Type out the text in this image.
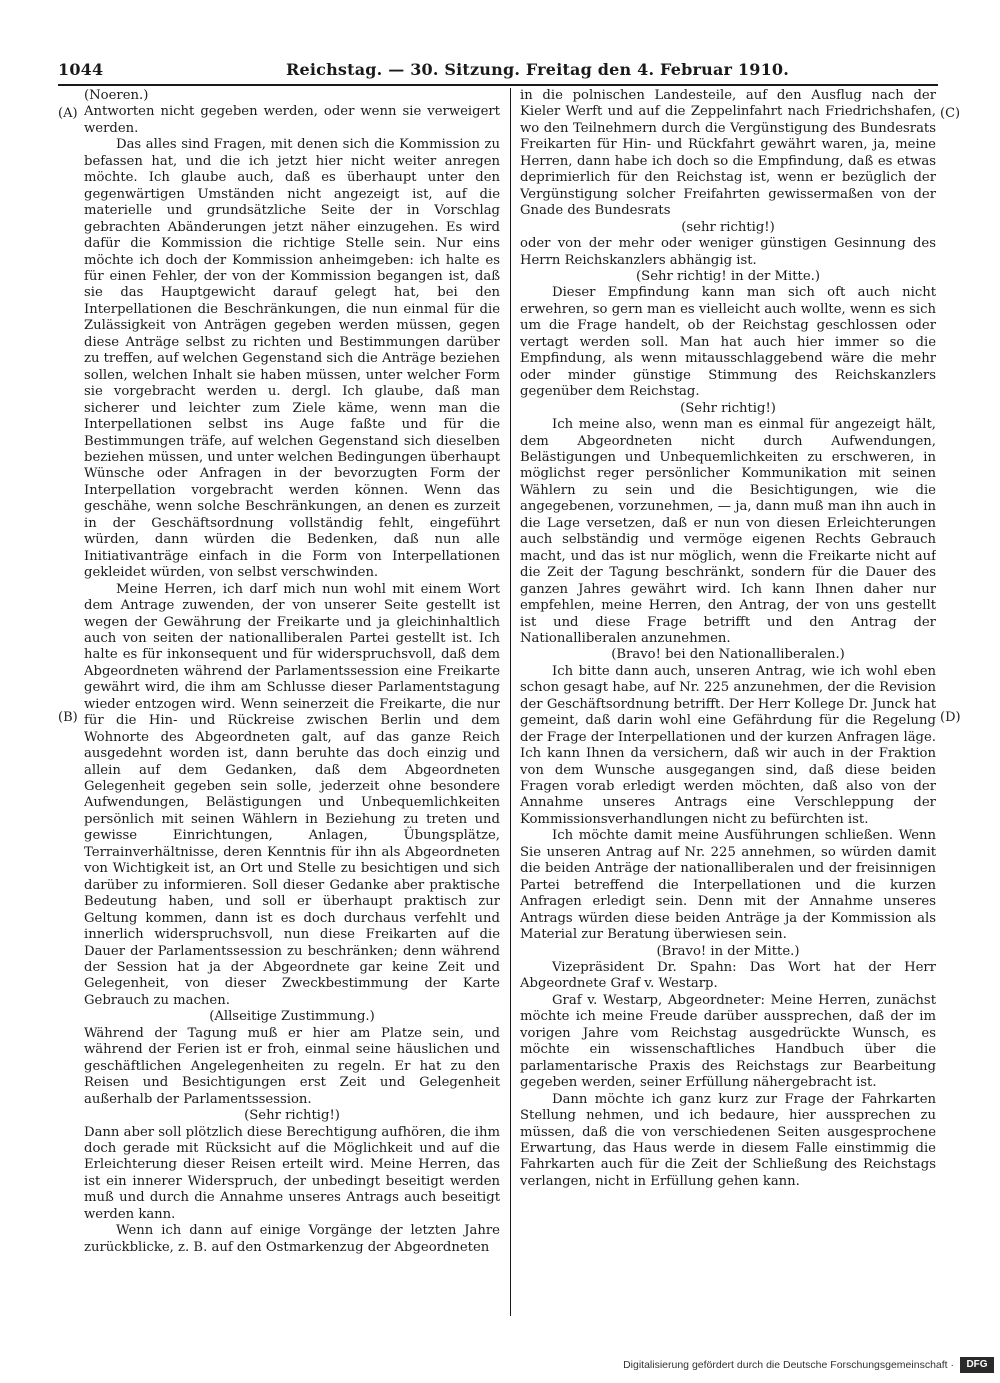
1044	Reichstag. — 30. Sitzung. Freitag den 4. Februar 1910.
(A)
(B)
(C)
(D)

(Noeren.)

Antworten nicht gegeben werden, oder wenn sie verweigert werden.

Das alles sind Fragen, mit denen sich die Kommission zu befassen hat, und die ich jetzt hier nicht weiter anregen möchte. Ich glaube auch, daß es überhaupt unter den gegenwärtigen Umständen nicht angezeigt ist, auf die materielle und grundsätzliche Seite der in Vorschlag gebrachten Abänderungen jetzt näher einzugehen. Es wird dafür die Kommission die richtige Stelle sein. Nur eins möchte ich doch der Kommission anheimgeben: ich halte es für einen Fehler, der von der Kommission begangen ist, daß sie das Hauptgewicht darauf gelegt hat, bei den Interpellationen die Beschränkungen, die nun einmal für die Zulässigkeit von Anträgen gegeben werden müssen, gegen diese Anträge selbst zu richten und Bestimmungen darüber zu treffen, auf welchen Gegenstand sich die Anträge beziehen sollen, welchen Inhalt sie haben müssen, unter welcher Form sie vorgebracht werden u. dergl. Ich glaube, daß man sicherer und leichter zum Ziele käme, wenn man die Interpellationen selbst ins Auge faßte und für die Bestimmungen träfe, auf welchen Gegenstand sich dieselben beziehen müssen, und unter welchen Bedingungen überhaupt Wünsche oder Anfragen in der bevorzugten Form der Interpellation vorgebracht werden können. Wenn das geschähe, wenn solche Beschränkungen, an denen es zurzeit in der Geschäftsordnung vollständig fehlt, eingeführt würden, dann würden die Bedenken, daß nun alle Initiativanträge einfach in die Form von Interpellationen gekleidet würden, von selbst verschwinden.

Meine Herren, ich darf mich nun wohl mit einem Wort dem Antrage zuwenden, der von unserer Seite gestellt ist wegen der Gewährung der Freikarte und ja gleichinhaltlich auch von seiten der nationalliberalen Partei gestellt ist. Ich halte es für inkonsequent und für widerspruchsvoll, daß dem Abgeordneten während der Parlamentssession eine Freikarte gewährt wird, die ihm am Schlusse dieser Parlamentstagung wieder entzogen wird. Wenn seinerzeit die Freikarte, die nur für die Hin- und Rückreise zwischen Berlin und dem Wohnorte des Abgeordneten galt, auf das ganze Reich ausgedehnt worden ist, dann beruhte das doch einzig und allein auf dem Gedanken, daß dem Abgeordneten Gelegenheit gegeben sein solle, jederzeit ohne besondere Aufwendungen, Belästigungen und Unbequemlichkeiten persönlich mit seinen Wählern in Beziehung zu treten und gewisse Einrichtungen, Anlagen, Übungsplätze, Terrainverhältnisse, deren Kenntnis für ihn als Abgeordneten von Wichtigkeit ist, an Ort und Stelle zu besichtigen und sich darüber zu informieren. Soll dieser Gedanke aber praktische Bedeutung haben, und soll er überhaupt praktisch zur Geltung kommen, dann ist es doch durchaus verfehlt und innerlich widerspruchsvoll, nun diese Freikarten auf die Dauer der Parlamentssession zu beschränken; denn während der Session hat ja der Abgeordnete gar keine Zeit und Gelegenheit, von dieser Zweckbestimmung der Karte Gebrauch zu machen.

(Allseitige Zustimmung.)

Während der Tagung muß er hier am Platze sein, und während der Ferien ist er froh, einmal seine häuslichen und geschäftlichen Angelegenheiten zu regeln. Er hat zu den Reisen und Besichtigungen erst Zeit und Gelegenheit außerhalb der Parlamentssession.

(Sehr richtig!)

Dann aber soll plötzlich diese Berechtigung aufhören, die ihm doch gerade mit Rücksicht auf die Möglichkeit und auf die Erleichterung dieser Reisen erteilt wird. Meine Herren, das ist ein innerer Widerspruch, der unbedingt beseitigt werden muß und durch die Annahme unseres Antrags auch beseitigt werden kann.

Wenn ich dann auf einige Vorgänge der letzten Jahre zurückblicke, z. B. auf den Ostmarkenzug der Abgeordneten

in die polnischen Landesteile, auf den Ausflug nach der Kieler Werft und auf die Zeppelinfahrt nach Friedrichshafen, wo den Teilnehmern durch die Vergünstigung des Bundesrats Freikarten für Hin- und Rückfahrt gewährt waren, ja, meine Herren, dann habe ich doch so die Empfindung, daß es etwas deprimierlich für den Reichstag ist, wenn er bezüglich der Vergünstigung solcher Freifahrten gewissermaßen von der Gnade des Bundesrats

(sehr richtig!)

oder von der mehr oder weniger günstigen Gesinnung des Herrn Reichskanzlers abhängig ist.

(Sehr richtig! in der Mitte.)

Dieser Empfindung kann man sich oft auch nicht erwehren, so gern man es vielleicht auch wollte, wenn es sich um die Frage handelt, ob der Reichstag geschlossen oder vertagt werden soll. Man hat auch hier immer so die Empfindung, als wenn mitausschlaggebend wäre die mehr oder minder günstige Stimmung des Reichskanzlers gegenüber dem Reichstag.

(Sehr richtig!)

Ich meine also, wenn man es einmal für angezeigt hält, dem Abgeordneten nicht durch Aufwendungen, Belästigungen und Unbequemlichkeiten zu erschweren, in möglichst reger persönlicher Kommunikation mit seinen Wählern zu sein und die Besichtigungen, wie die angegebenen, vorzunehmen, — ja, dann muß man ihn auch in die Lage versetzen, daß er nun von diesen Erleichterungen auch selbständig und vermöge eigenen Rechts Gebrauch macht, und das ist nur möglich, wenn die Freikarte nicht auf die Zeit der Tagung beschränkt, sondern für die Dauer des ganzen Jahres gewährt wird. Ich kann Ihnen daher nur empfehlen, meine Herren, den Antrag, der von uns gestellt ist und diese Frage betrifft und den Antrag der Nationalliberalen anzunehmen.

(Bravo! bei den Nationalliberalen.)

Ich bitte dann auch, unseren Antrag, wie ich wohl eben schon gesagt habe, auf Nr. 225 anzunehmen, der die Revision der Geschäftsordnung betrifft. Der Herr Kollege Dr. Junck hat gemeint, daß darin wohl eine Gefährdung für die Regelung der Frage der Interpellationen und der kurzen Anfragen läge. Ich kann Ihnen da versichern, daß wir auch in der Fraktion von dem Wunsche ausgegangen sind, daß diese beiden Fragen vorab erledigt werden möchten, daß also von der Annahme unseres Antrags eine Verschleppung der Kommissionsverhandlungen nicht zu befürchten ist.

Ich möchte damit meine Ausführungen schließen. Wenn Sie unseren Antrag auf Nr. 225 annehmen, so würden damit die beiden Anträge der nationalliberalen und der freisinnigen Partei betreffend die Interpellationen und die kurzen Anfragen erledigt sein. Denn mit der Annahme unseres Antrags würden diese beiden Anträge ja der Kommission als Material zur Beratung überwiesen sein.

(Bravo! in der Mitte.)

Vizepräsident Dr. Spahn: Das Wort hat der Herr Abgeordnete Graf v. Westarp.

Graf v. Westarp, Abgeordneter: Meine Herren, zunächst möchte ich meine Freude darüber aussprechen, daß der im vorigen Jahre vom Reichstag ausgedrückte Wunsch, es möchte ein wissenschaftliches Handbuch über die parlamentarische Praxis des Reichstags zur Bearbeitung gegeben werden, seiner Erfüllung nähergebracht ist.

Dann möchte ich ganz kurz zur Frage der Fahrkarten Stellung nehmen, und ich bedaure, hier aussprechen zu müssen, daß die von verschiedenen Seiten ausgesprochene Erwartung, das Haus werde in diesem Falle einstimmig die Fahrkarten auch für die Zeit der Schließung des Reichstags verlangen, nicht in Erfüllung gehen kann.

Digitalisierung gefördert durch die Deutsche Forschungsgemeinschaft ·	DFG
